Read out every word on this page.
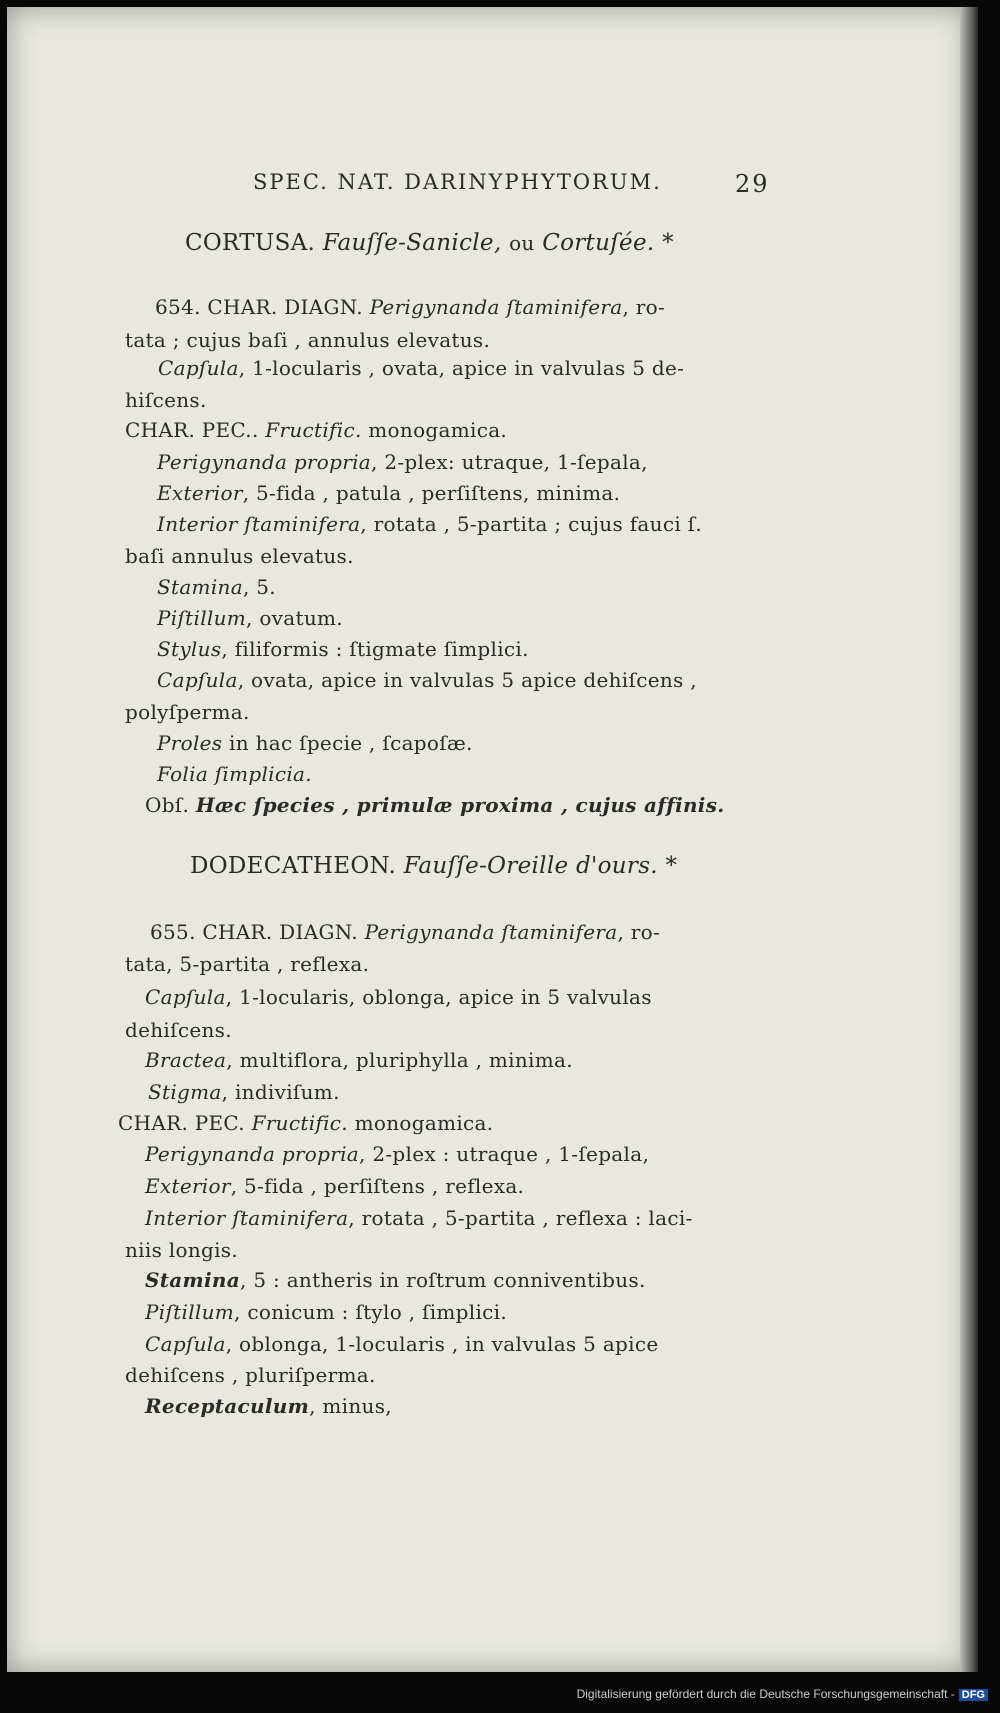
SPEC. NAT. DARINYPHYTORUM.	29
CORTUSA. Fauſſe-Sanicle, ou Cortuſée. *
654. CHAR. DIAGN. Perigynanda ſtaminifera, ro-
tata ; cujus baſi , annulus elevatus.
Capſula, 1-locularis , ovata, apice in valvulas 5 de-
hiſcens.
CHAR. PEC.. Fructific. monogamica.
Perigynanda propria, 2-plex: utraque, 1-ſepala,
Exterior, 5-fida , patula , perſiſtens, minima.
Interior ſtaminifera, rotata , 5-partita ; cujus fauci ſ.
baſi annulus elevatus.
Stamina, 5.
Piſtillum, ovatum.
Stylus, filiformis : ſtigmate ſimplici.
Capſula, ovata, apice in valvulas 5 apice dehiſcens ,
polyſperma.
Proles in hac ſpecie , ſcapoſæ.
Folia ſimplicia.
Obſ. Hæc ſpecies , primulæ proxima , cujus affinis.
DODECATHEON. Fauſſe-Oreille d'ours. *
655. CHAR. DIAGN. Perigynanda ſtaminifera, ro-
tata, 5-partita , reflexa.
Capſula, 1-locularis, oblonga, apice in 5 valvulas
dehiſcens.
Bractea, multiflora, pluriphylla , minima.
Stigma, indiviſum.
CHAR. PEC. Fructific. monogamica.
Perigynanda propria, 2-plex : utraque , 1-ſepala,
Exterior, 5-fida , perſiſtens , reflexa.
Interior ſtaminifera, rotata , 5-partita , reflexa : laci-
niis longis.
Stamina, 5 : antheris in roſtrum conniventibus.
Piſtillum, conicum : ſtylo , ſimplici.
Capſula, oblonga, 1-locularis , in valvulas 5 apice
dehiſcens , pluriſperma.
Receptaculum, minus,
Digitalisierung gefördert durch die Deutsche Forschungsgemeinschaft - DFG
